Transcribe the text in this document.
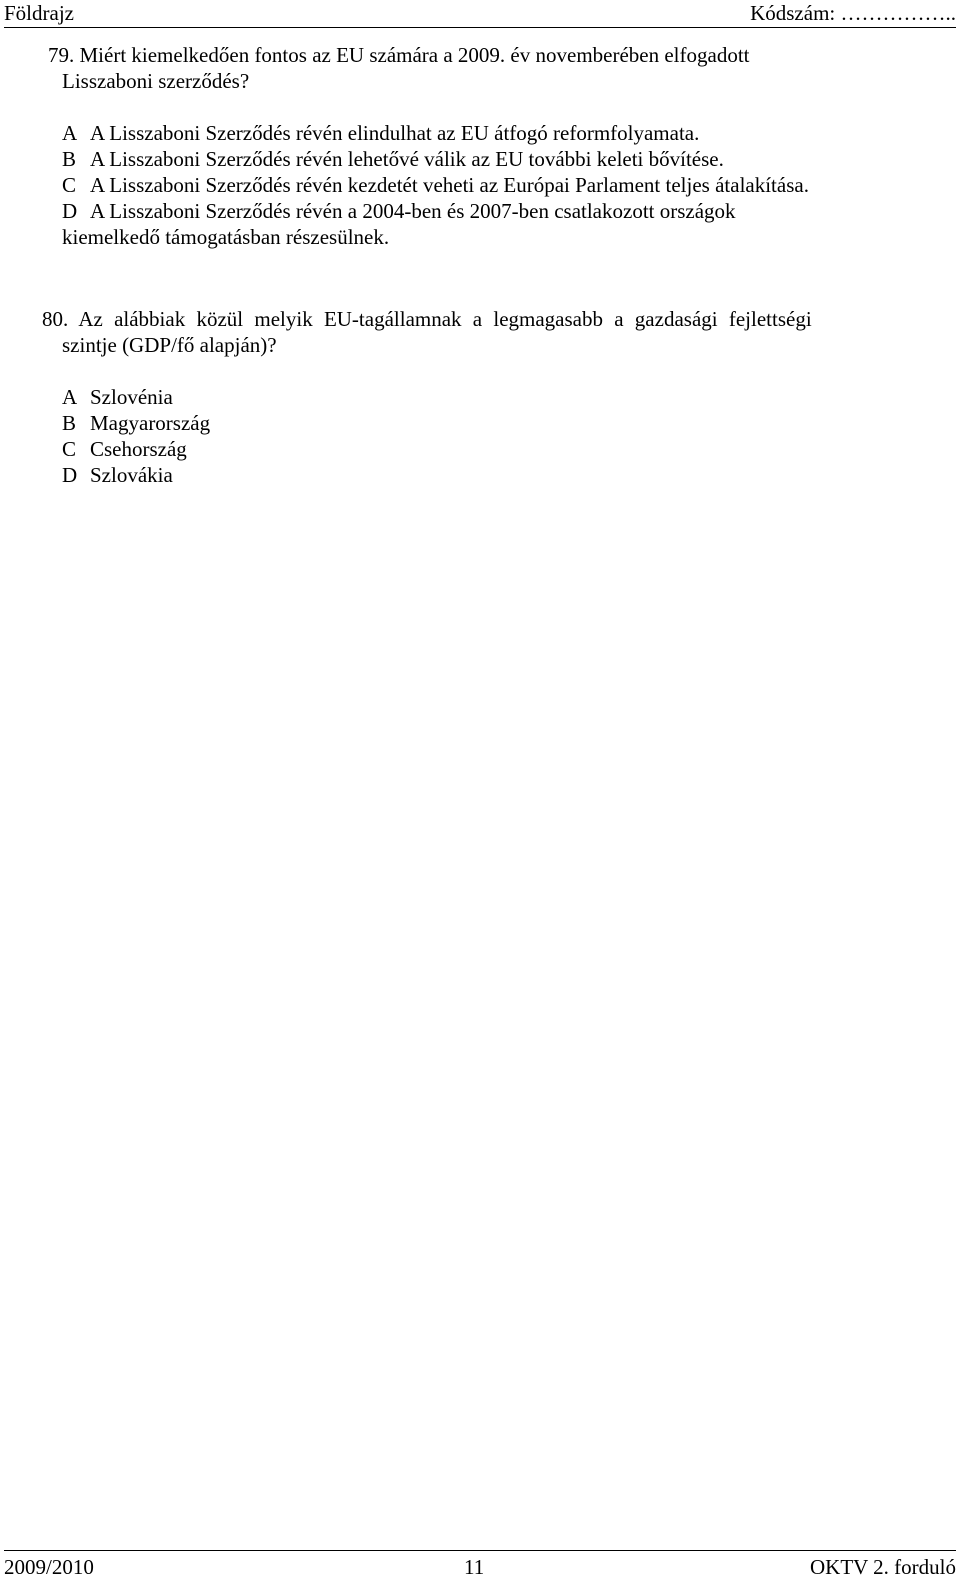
Földrajz	Kódszám: ……………..
79. Miért kiemelkedően fontos az EU számára a 2009. év novemberében elfogadott
Lisszaboni szerződés?
A A Lisszaboni Szerződés révén elindulhat az EU átfogó reformfolyamata.
B A Lisszaboni Szerződés révén lehetővé válik az EU további keleti bővítése.
C A Lisszaboni Szerződés révén kezdetét veheti az Európai Parlament teljes átalakítása.
D A Lisszaboni Szerződés révén a 2004-ben és 2007-ben csatlakozott országok
kiemelkedő támogatásban részesülnek.
80. Az alábbiak közül melyik EU-tagállamnak a legmagasabb a gazdasági fejlettségi
szintje (GDP/fő alapján)?
A Szlovénia
B Magyarország
C Csehország
D Szlovákia
2009/2010	11	OKTV 2. forduló
